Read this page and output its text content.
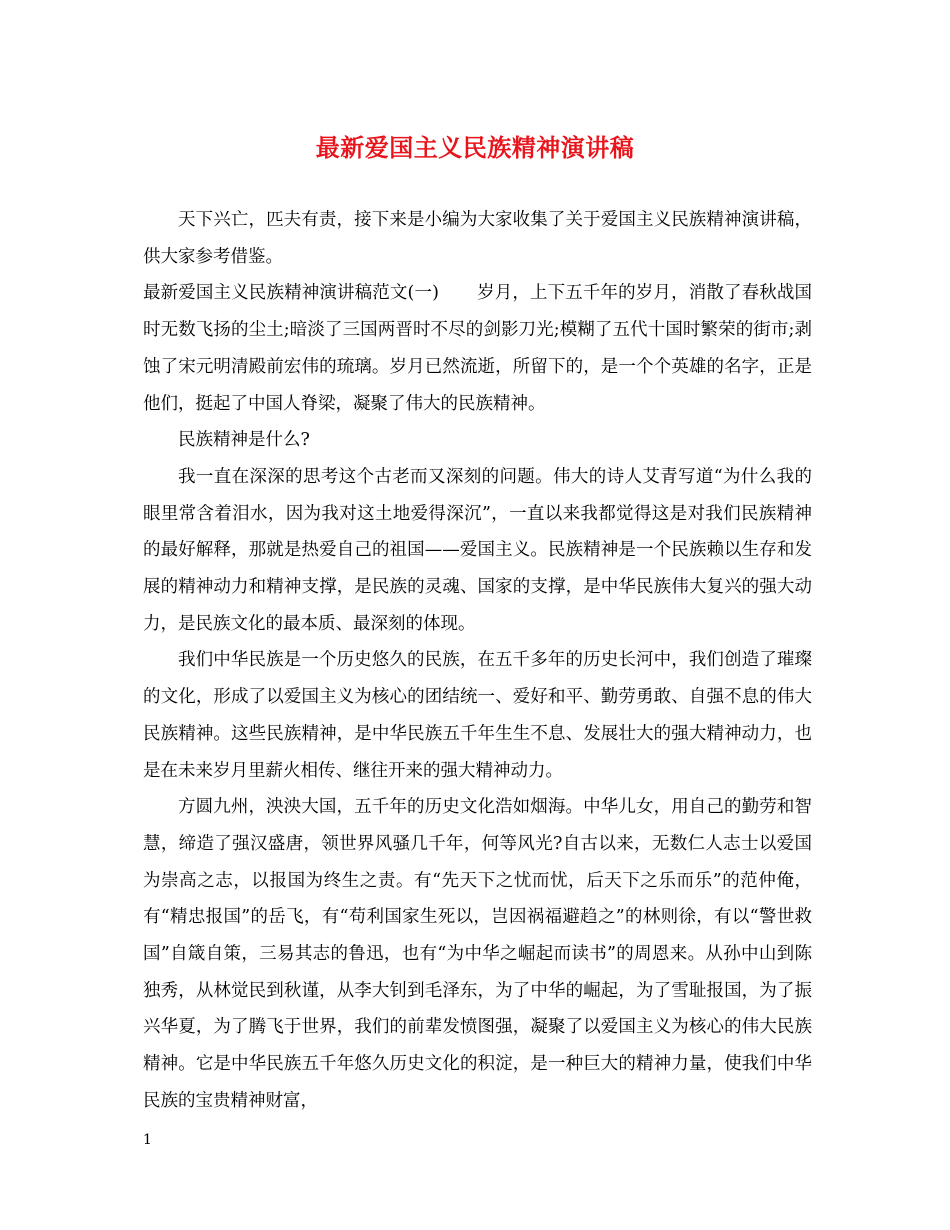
最新爱国主义民族精神演讲稿

天下兴亡，匹夫有责，接下来是小编为大家收集了关于爱国主义民族精神演讲稿，供大家参考借鉴。

最新爱国主义民族精神演讲稿范文(一) 岁月，上下五千年的岁月，消散了春秋战国时无数飞扬的尘土;暗淡了三国两晋时不尽的剑影刀光;模糊了五代十国时繁荣的街市;剥蚀了宋元明清殿前宏伟的琉璃。岁月已然流逝，所留下的，是一个个英雄的名字，正是他们，挺起了中国人脊梁，凝聚了伟大的民族精神。

民族精神是什么?

我一直在深深的思考这个古老而又深刻的问题。伟大的诗人艾青写道“为什么我的眼里常含着泪水，因为我对这土地爱得深沉”，一直以来我都觉得这是对我们民族精神的最好解释，那就是热爱自己的祖国——爱国主义。民族精神是一个民族赖以生存和发展的精神动力和精神支撑，是民族的灵魂、国家的支撑，是中华民族伟大复兴的强大动力，是民族文化的最本质、最深刻的体现。

我们中华民族是一个历史悠久的民族，在五千多年的历史长河中，我们创造了璀璨的文化，形成了以爱国主义为核心的团结统一、爱好和平、勤劳勇敢、自强不息的伟大民族精神。这些民族精神，是中华民族五千年生生不息、发展壮大的强大精神动力，也是在未来岁月里薪火相传、继往开来的强大精神动力。

方圆九州，泱泱大国，五千年的历史文化浩如烟海。中华儿女，用自己的勤劳和智慧，缔造了强汉盛唐，领世界风骚几千年，何等风光?自古以来，无数仁人志士以爱国为崇高之志，以报国为终生之责。有“先天下之忧而忧，后天下之乐而乐”的范仲俺，有“精忠报国”的岳飞，有“苟利国家生死以，岂因祸福避趋之”的林则徐，有以“警世救国”自箴自策，三易其志的鲁迅，也有“为中华之崛起而读书”的周恩来。从孙中山到陈独秀，从林觉民到秋谨，从李大钊到毛泽东，为了中华的崛起，为了雪耻报国，为了振兴华夏，为了腾飞于世界，我们的前辈发愤图强，凝聚了以爱国主义为核心的伟大民族精神。它是中华民族五千年悠久历史文化的积淀，是一种巨大的精神力量，使我们中华民族的宝贵精神财富，

1
